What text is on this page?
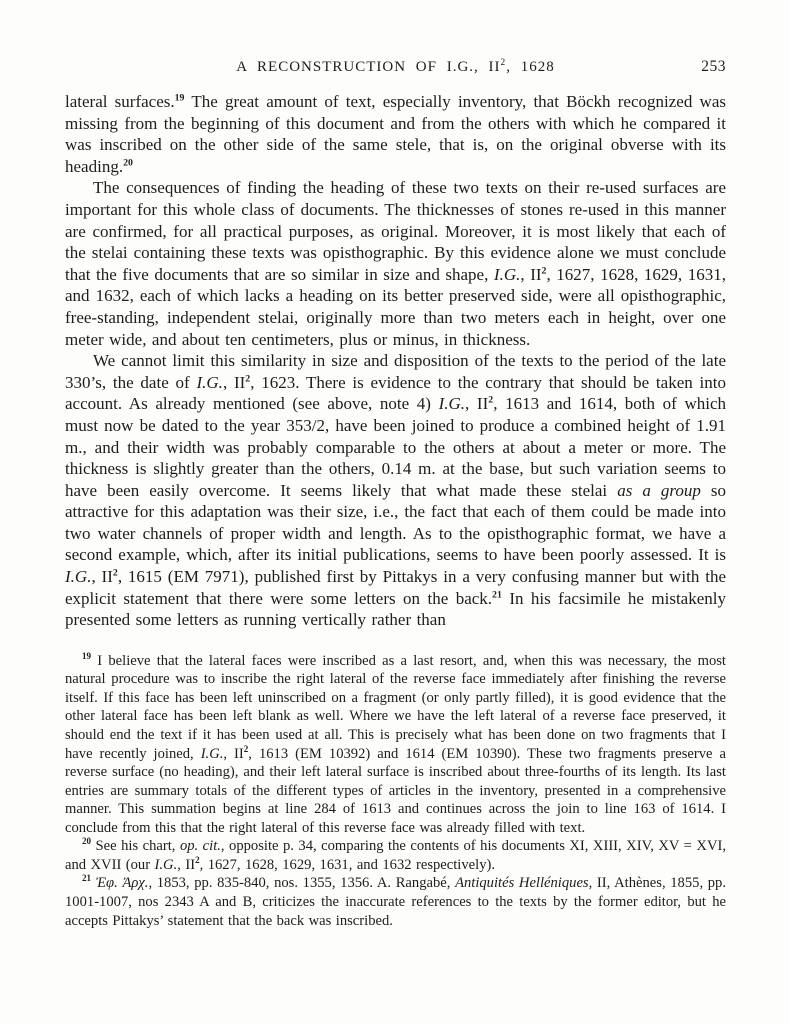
A RECONSTRUCTION OF I.G., $II^2$, 1628	253

lateral surfaces.$^{19}$ The great amount of text, especially inventory, that Böckh recognized was missing from the beginning of this document and from the others with which he compared it was inscribed on the other side of the same stele, that is, on the original obverse with its heading.$^{20}$

The consequences of finding the heading of these two texts on their re-used surfaces are important for this whole class of documents. The thicknesses of stones re-used in this manner are confirmed, for all practical purposes, as original. Moreover, it is most likely that each of the stelai containing these texts was opisthographic. By this evidence alone we must conclude that the five documents that are so similar in size and shape, I.G., $II^2$, 1627, 1628, 1629, 1631, and 1632, each of which lacks a heading on its better preserved side, were all opisthographic, free-standing, independent stelai, originally more than two meters each in height, over one meter wide, and about ten centimeters, plus or minus, in thickness.

We cannot limit this similarity in size and disposition of the texts to the period of the late 330’s, the date of I.G., $II^2$, 1623. There is evidence to the contrary that should be taken into account. As already mentioned (see above, note 4) I.G., $II^2$, 1613 and 1614, both of which must now be dated to the year 353/2, have been joined to produce a combined height of 1.91 m., and their width was probably comparable to the others at about a meter or more. The thickness is slightly greater than the others, 0.14 m. at the base, but such variation seems to have been easily overcome. It seems likely that what made these stelai as a group so attractive for this adaptation was their size, i.e., the fact that each of them could be made into two water channels of proper width and length. As to the opisthographic format, we have a second example, which, after its initial publications, seems to have been poorly assessed. It is I.G., $II^2$, 1615 (EM 7971), published first by Pittakys in a very confusing manner but with the explicit statement that there were some letters on the back.$^{21}$ In his facsimile he mistakenly presented some letters as running vertically rather than

$^{19}$ I believe that the lateral faces were inscribed as a last resort, and, when this was necessary, the most natural procedure was to inscribe the right lateral of the reverse face immediately after finishing the reverse itself. If this face has been left uninscribed on a fragment (or only partly filled), it is good evidence that the other lateral face has been left blank as well. Where we have the left lateral of a reverse face preserved, it should end the text if it has been used at all. This is precisely what has been done on two fragments that I have recently joined, I.G., $II^2$, 1613 (EM 10392) and 1614 (EM 10390). These two fragments preserve a reverse surface (no heading), and their left lateral surface is inscribed about three-fourths of its length. Its last entries are summary totals of the different types of articles in the inventory, presented in a comprehensive manner. This summation begins at line 284 of 1613 and continues across the join to line 163 of 1614. I conclude from this that the right lateral of this reverse face was already filled with text.

$^{20}$ See his chart, op. cit., opposite p. 34, comparing the contents of his documents XI, XIII, XIV, XV = XVI, and XVII (our I.G., $II^2$, 1627, 1628, 1629, 1631, and 1632 respectively).

$^{21}$ Ἐφ. Ἀρχ., 1853, pp. 835-840, nos. 1355, 1356. A. Rangabé, Antiquités Helléniques, II, Athènes, 1855, pp. 1001-1007, nos 2343 A and B, criticizes the inaccurate references to the texts by the former editor, but he accepts Pittakys’ statement that the back was inscribed.
